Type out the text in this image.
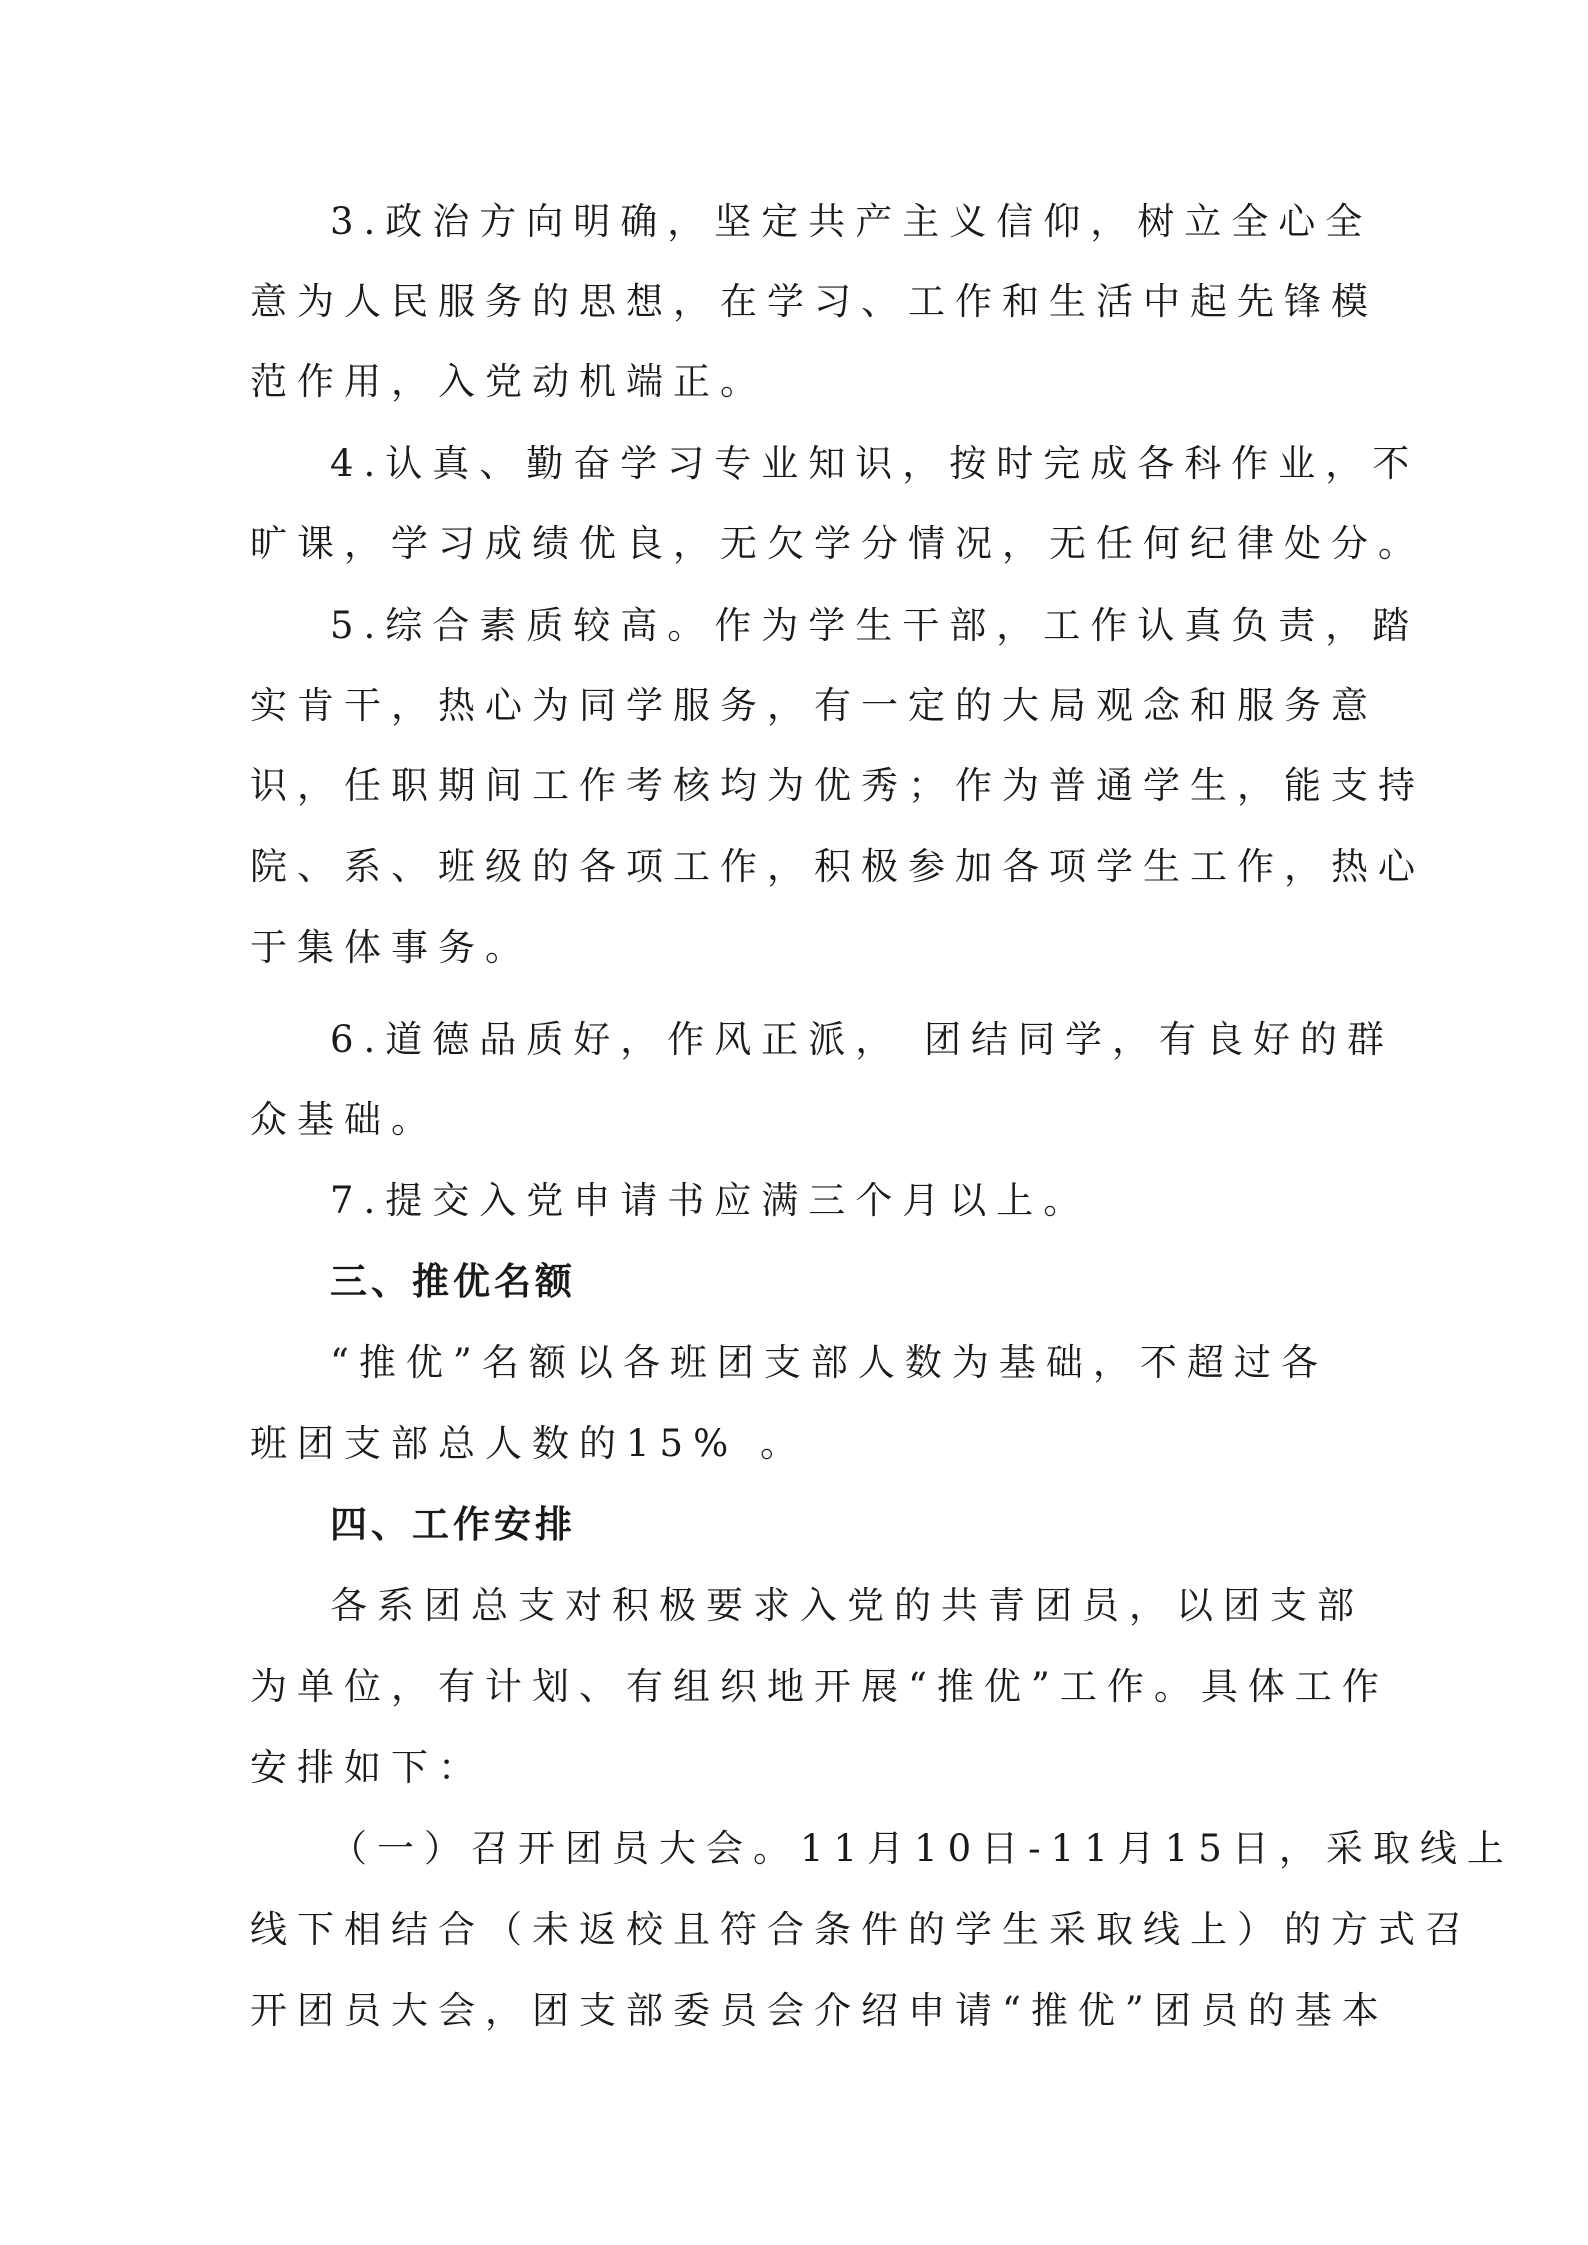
3.政治方向明确，坚定共产主义信仰，树立全心全
意为人民服务的思想，在学习、工作和生活中起先锋模
范作用，入党动机端正。
4.认真、勤奋学习专业知识，按时完成各科作业，不
旷课，学习成绩优良，无欠学分情况，无任何纪律处分。
5.综合素质较高。作为学生干部，工作认真负责，踏
实肯干，热心为同学服务，有一定的大局观念和服务意
识，任职期间工作考核均为优秀；作为普通学生，能支持
院、系、班级的各项工作，积极参加各项学生工作，热心
于集体事务。
6.道德品质好，作风正派， 团结同学，有良好的群
众基础。
7.提交入党申请书应满三个月以上。
三、推优名额
“推优”名额以各班团支部人数为基础，不超过各
班团支部总人数的15% 。
四、工作安排
各系团总支对积极要求入党的共青团员，以团支部
为单位，有计划、有组织地开展“推优”工作。具体工作
安排如下：
（一）召开团员大会。11月10日-11月15日，采取线上
线下相结合（未返校且符合条件的学生采取线上）的方式召
开团员大会，团支部委员会介绍申请“推优”团员的基本
